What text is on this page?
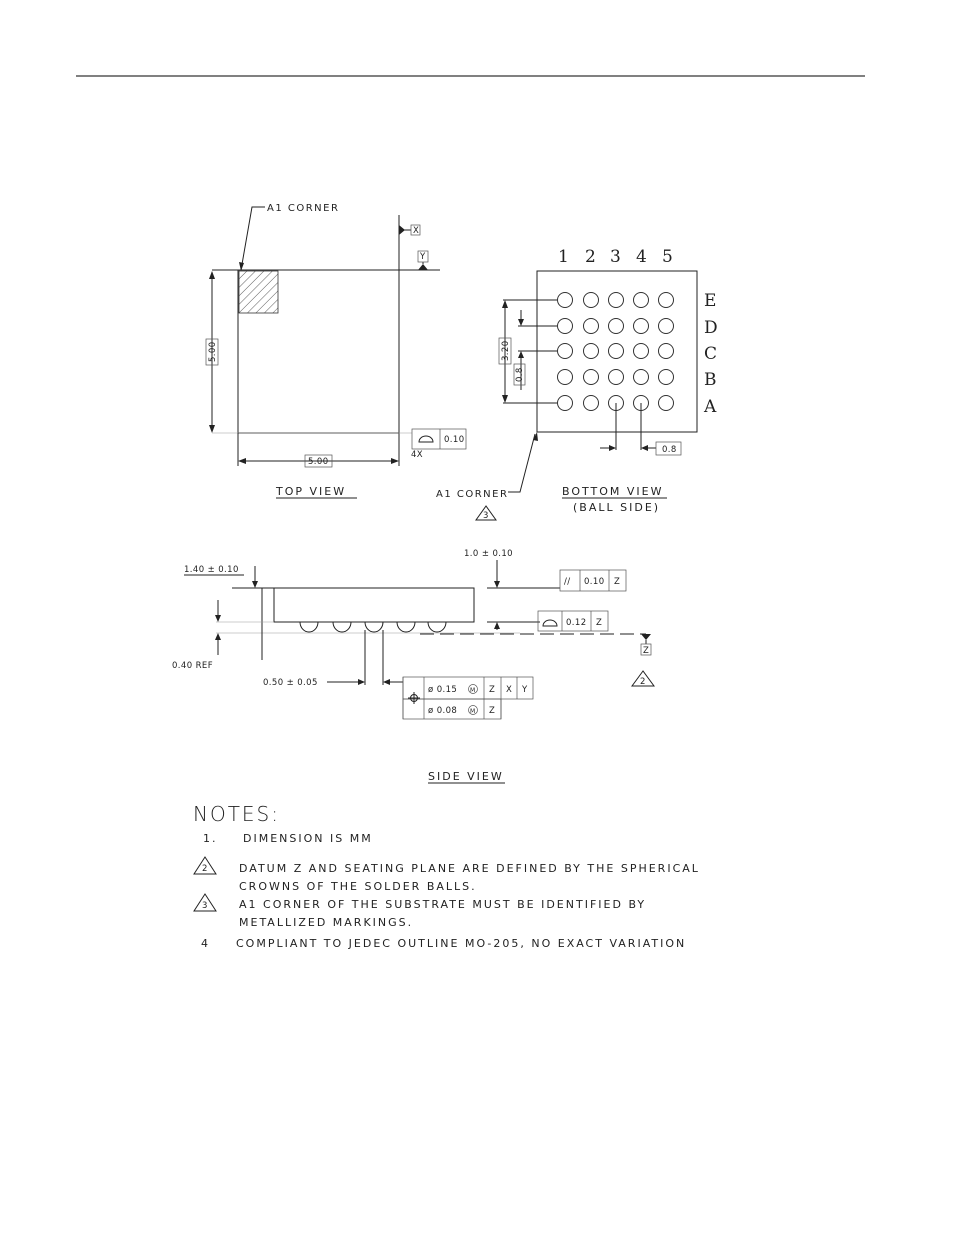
X
Y
A1 CORNER
5.00
5.00
0.10
4X
TOP VIEW
1 2 3 4 5
E
D
C
B
A
3.20
0.8
0.8
A1 CORNER
3
BOTTOM VIEW
(BALL SIDE)
Z
1.40 ± 0.10
0.40 REF
1.0 ± 0.10
// 0.10 Z
0.12 Z
2
0.50 ± 0.05
ø 0.15 M Z X Y
ø 0.08 M Z
SIDE VIEW
NOTES:
1. DIMENSION IS MM
2	DATUM Z AND SEATING PLANE ARE DEFINED BY THE SPHERICAL
CROWNS OF THE SOLDER BALLS.
3	A1 CORNER OF THE SUBSTRATE MUST BE IDENTIFIED BY
METALLIZED MARKINGS.
4 COMPLIANT TO JEDEC OUTLINE MO-205, NO EXACT VARIATION
